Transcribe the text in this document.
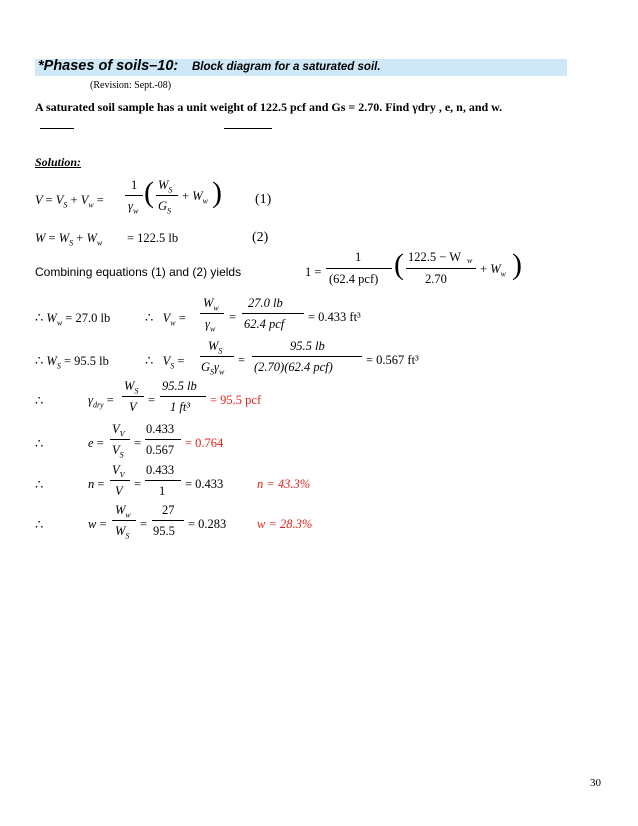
*Phases of soils–10: Block diagram for a saturated soil.
(Revision: Sept.-08)
A saturated soil sample has a unit weight of 122.5 pcf and Gs = 2.70. Find γdry , e, n, and w.
Solution:
$V = V_S + V_w$ =
1
$\gamma_w$
( $W_S$
$G_S$
+ $W_w$ ) (1)
$W = W_S + W_w = 122.5$ lb	(2)
Combining equations (1) and (2) yields	1 =
1
(62.4 pcf) ( 122.5 − W w
2.70
+ $W_w$ )
∴ $W_w = 27.0$ lb	∴   $V_w$ =
$W_w$
$\gamma_w$
=
27.0 lb
62.4 pcf = 0.433 ft³
∴ $W_S = 95.5$ lb	∴   $V_S$ =
$W_S$
$G_S\gamma_w$
=
95.5 lb
(2.70)(62.4 pcf)	= 0.567 ft³
∴	$\gamma_{dry}$ =
$W_S$
V =
95.5 lb
1 ft³ = 95.5 pcf
∴	e =
$V_V$
$V_S$
=
0.433
0.567 = 0.764
∴	n =
$V_V$
V =
0.433
1 = 0.433	n = 43.3%
∴	w =
$W_w$
$W_S$
=
27
95.5 = 0.283 w = 28.3%
30
